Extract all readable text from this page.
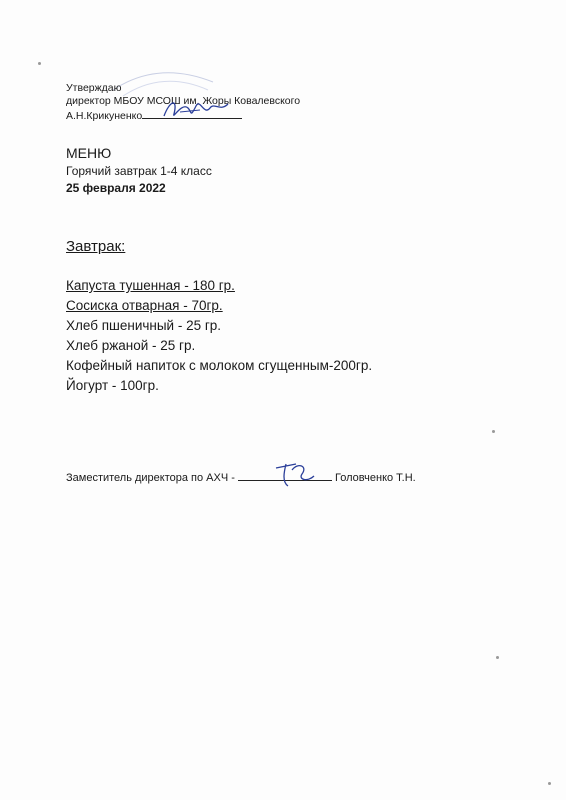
Утверждаю
директор МБОУ МСОШ им. Жоры Ковалевского
А.Н.Крикуненко
МЕНЮ
Горячий завтрак 1-4 класс
25 февраля 2022
Завтрак:
Капуста тушенная - 180 гр.
Сосиска отварная - 70гр.
Хлеб пшеничный - 25 гр.
Хлеб ржаной - 25 гр.
Кофейный напиток с молоком сгущенным-200гр.
Йогурт - 100гр.
Заместитель директора по АХЧ -	Головченко Т.Н.
